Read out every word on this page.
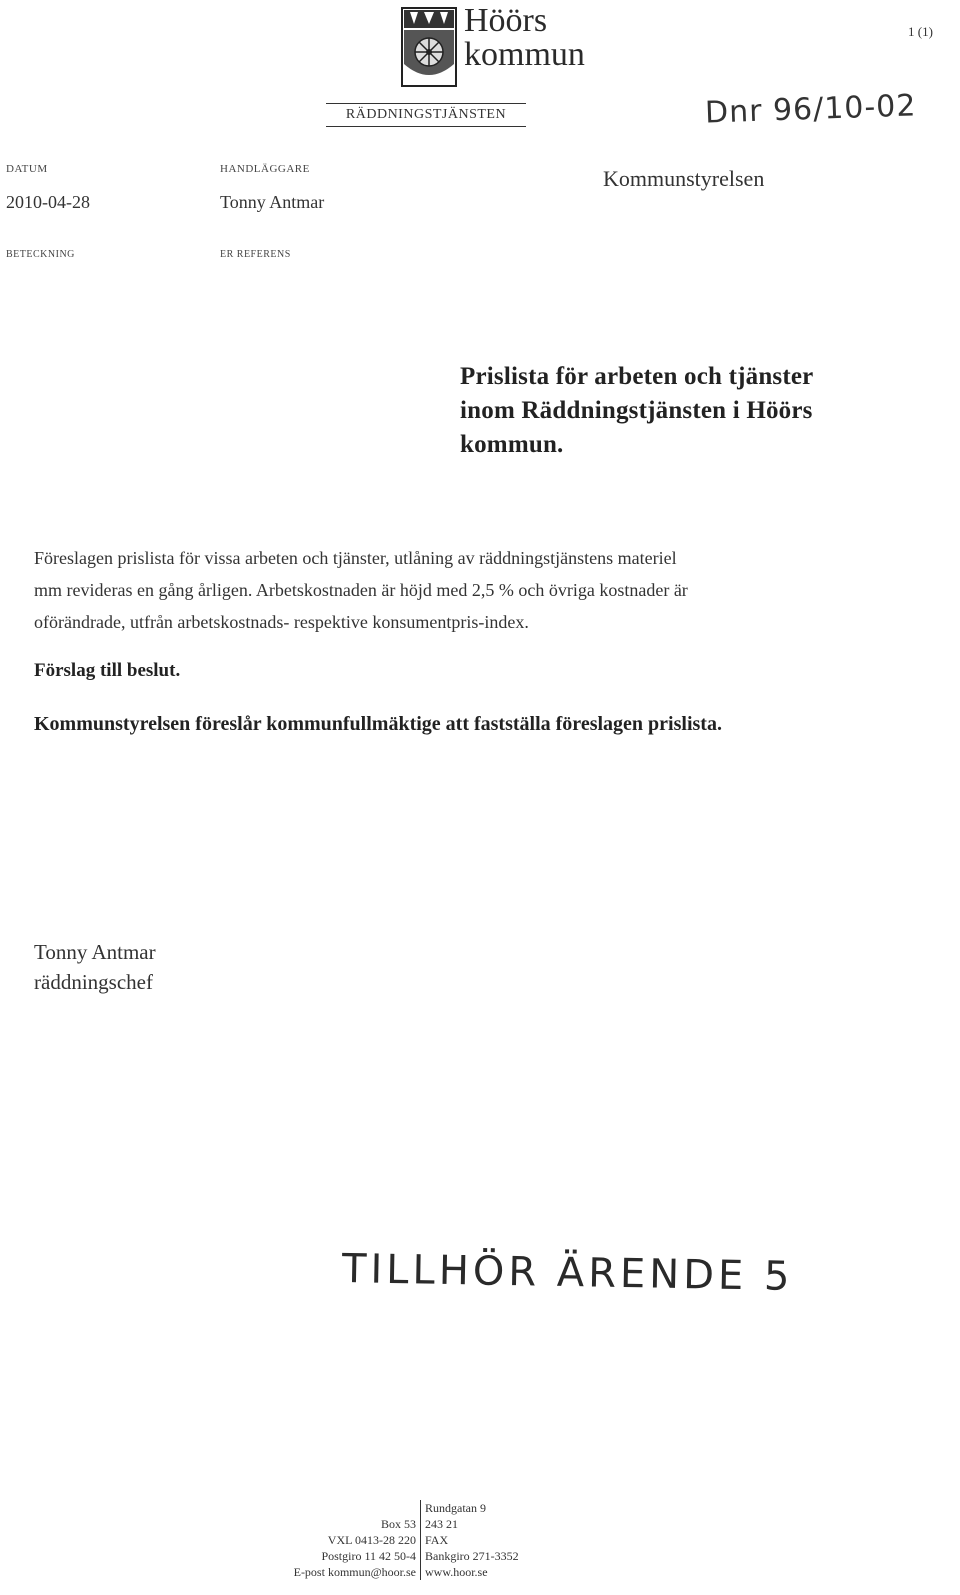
Höörs
kommun
1 (1)
RÄDDNINGSTJÄNSTEN	Dnr 96/10-02
DATUM
2010-04-28
HANDLÄGGARE
Tonny Antmar
Kommunstyrelsen
BETECKNING	ER REFERENS
Prislista för arbeten och tjänster
inom Räddningstjänsten i Höörs
kommun.
Föreslagen prislista för vissa arbeten och tjänster, utlåning av räddningstjänstens materiel
mm revideras en gång årligen. Arbetskostnaden är höjd med 2,5 % och övriga kostnader är
oförändrade, utfrån arbetskostnads- respektive konsumentpris-index.
Förslag till beslut.
Kommunstyrelsen föreslår kommunfullmäktige att fastställa föreslagen prislista.
Tonny Antmar
räddningschef
TILLHÖR ÄRENDE 5
Rundgatan 9
Box 53 243 21
VXL 0413-28 220 FAX
Postgiro 11 42 50-4 Bankgiro 271-3352
E-post kommun@hoor.se www.hoor.se
